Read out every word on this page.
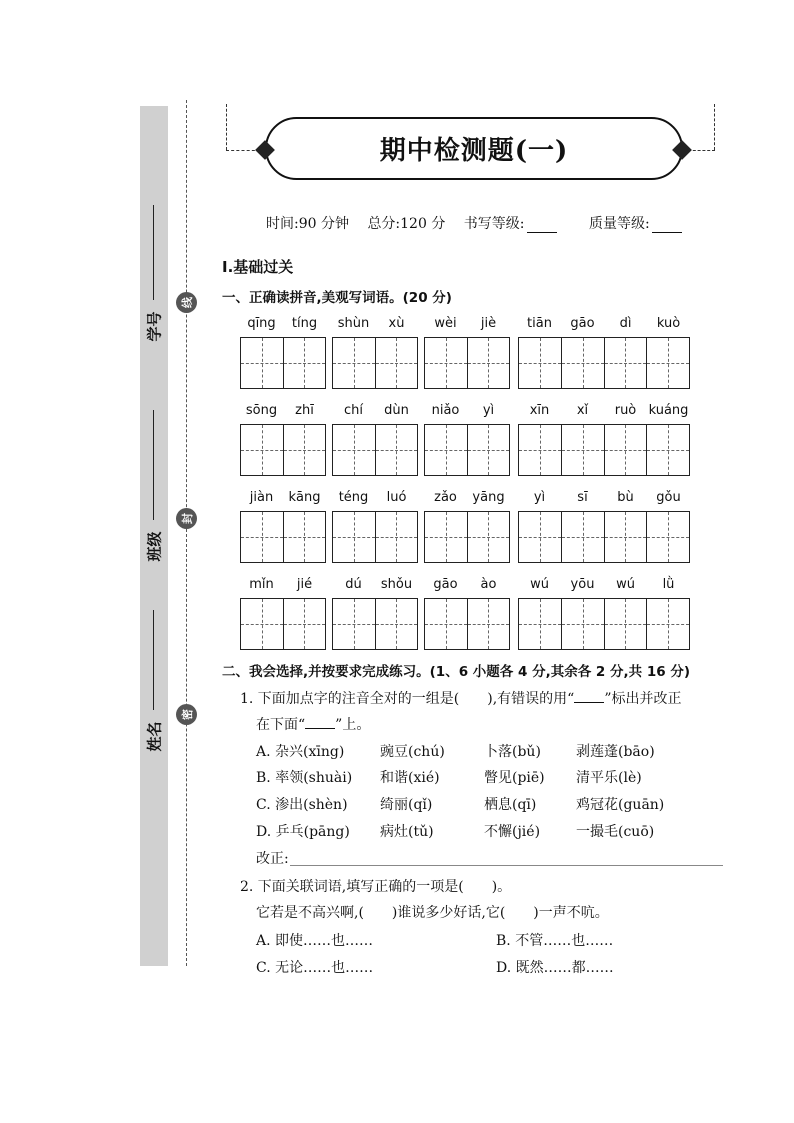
学号
班级
姓名
线
封
密
期中检测题(一)
时间:90 分钟 总分:120 分 书写等级:	质量等级:
Ⅰ.基础过关
一、正确读拼音,美观写词语。(20 分)
qīng	tíng	shùn	xù	wèi	jiè	tiān	gāo	dì	kuò
sōng	zhī	chí	dùn	niǎo	yì	xīn	xǐ	ruò kuáng
jiàn	kāng	téng	luó	zǎo	yāng	yì	sī	bù	gǒu
mǐn	jié	dú	shǒu	gāo	ào	wú	yōu	wú	lǜ
二、我会选择,并按要求完成练习。(1、6 小题各 4 分,其余各 2 分,共 16 分)
1. 下面加点字的注音全对的一组是(　　),有错误的用“ ”标出并改正
在下面“ ”上。
A. 杂兴(xīng)	豌豆(chú)	卜落(bǔ)	剥莲蓬(bāo)
B. 率领(shuài) 和谐(xié)	瞥见(piē) 清平乐(lè)
C. 渗出(shèn) 绮丽(qǐ)	栖息(qī)	鸡冠花(guān)
D. 乒乓(pāng) 病灶(tǔ)	不懈(jié)	一撮毛(cuō)
改正:
2. 下面关联词语,填写正确的一项是(　　)。
它若是不高兴啊,(　　)谁说多少好话,它(　　)一声不吭。
A. 即使……也……	B. 不管……也……
C. 无论……也……	D. 既然……都……
